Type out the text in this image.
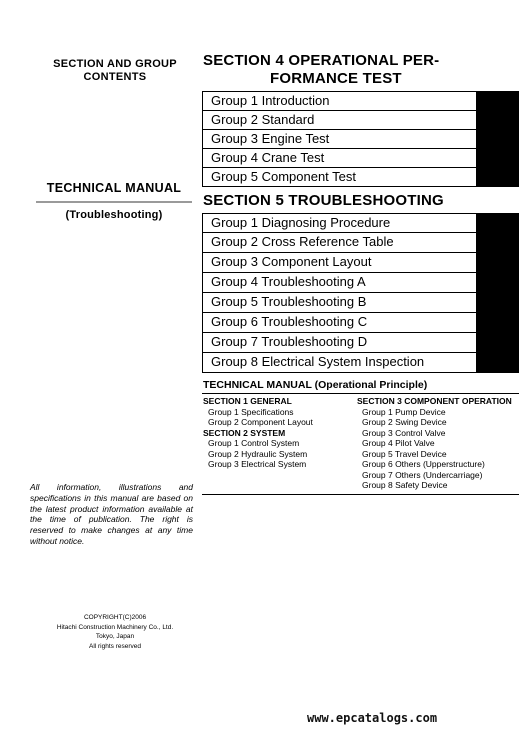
SECTION AND GROUP
CONTENTS
TECHNICAL MANUAL
(Troubleshooting)
All information, illustrations and specifications in this manual are based on the latest product information available at the time of publication. The right is reserved to make changes at any time without notice.
COPYRIGHT(C)2006
Hitachi Construction Machinery Co., Ltd.
Tokyo, Japan
All rights reserved
SECTION 4 OPERATIONAL PER-
FORMANCE TEST
Group 1 Introduction
Group 2 Standard
Group 3 Engine Test
Group 4 Crane Test
Group 5 Component Test
SECTION 5 TROUBLESHOOTING
Group 1 Diagnosing Procedure
Group 2 Cross Reference Table
Group 3 Component Layout
Group 4 Troubleshooting A
Group 5 Troubleshooting B
Group 6 Troubleshooting C
Group 7 Troubleshooting D
Group 8 Electrical System Inspection
TECHNICAL MANUAL (Operational Principle)
SECTION 1 GENERAL
Group 1 Specifications
Group 2 Component Layout
SECTION 2 SYSTEM
Group 1 Control System
Group 2 Hydraulic System
Group 3 Electrical System
SECTION 3 COMPONENT OPERATION
Group 1 Pump Device
Group 2 Swing Device
Group 3 Control Valve
Group 4 Pilot Valve
Group 5 Travel Device
Group 6 Others (Upperstructure)
Group 7 Others (Undercarriage)
Group 8 Safety Device
www.epcatalogs.com
